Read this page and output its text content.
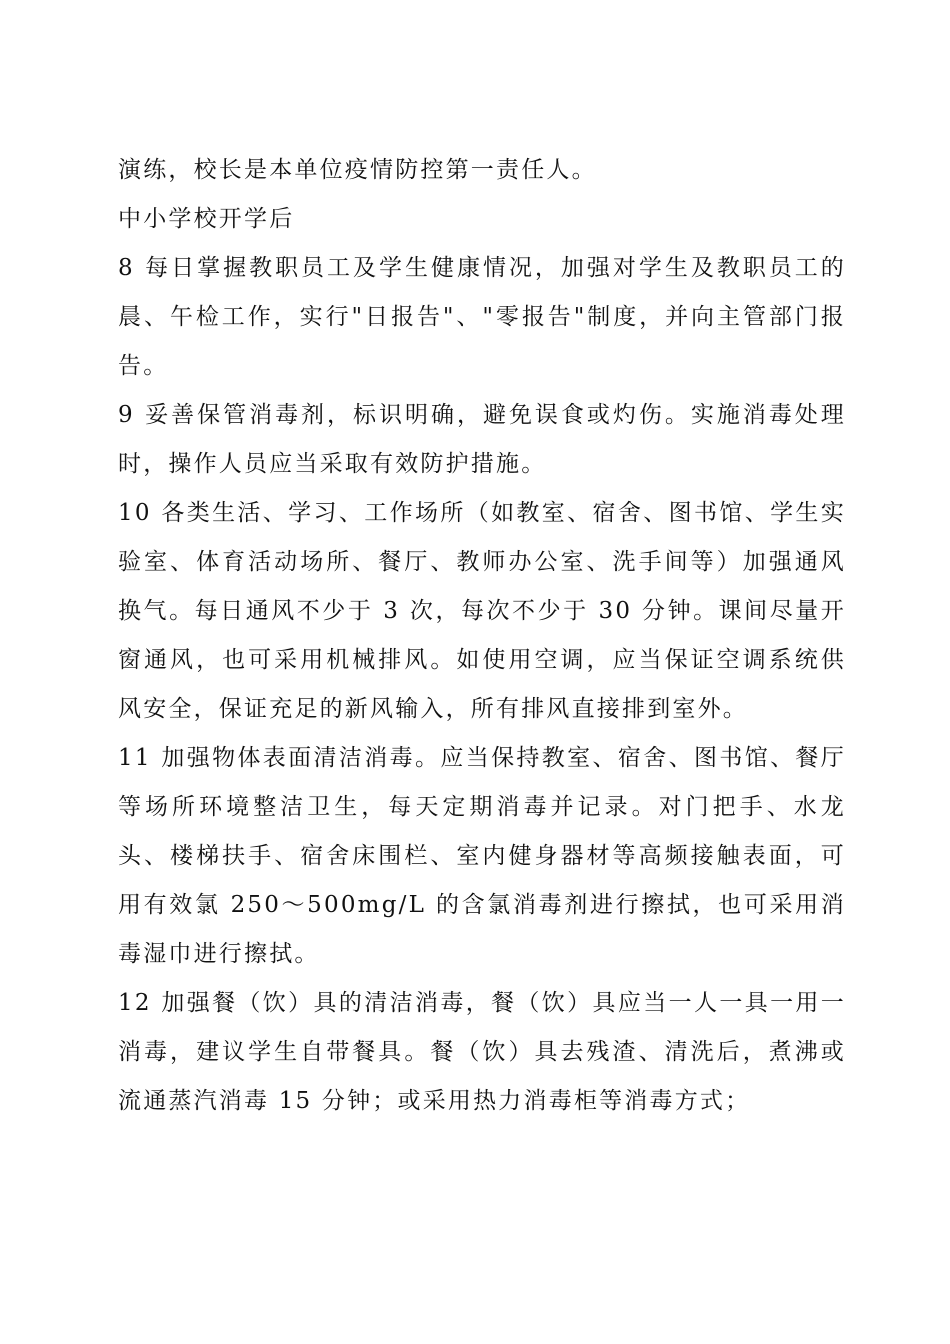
演练，校长是本单位疫情防控第一责任人。

中小学校开学后

8 每日掌握教职员工及学生健康情况，加强对学生及教职员工的晨、午检工作，实行"日报告"、"零报告"制度，并向主管部门报告。

9 妥善保管消毒剂，标识明确，避免误食或灼伤。实施消毒处理时，操作人员应当采取有效防护措施。

10 各类生活、学习、工作场所（如教室、宿舍、图书馆、学生实验室、体育活动场所、餐厅、教师办公室、洗手间等）加强通风换气。每日通风不少于 3 次，每次不少于 30 分钟。课间尽量开窗通风，也可采用机械排风。如使用空调，应当保证空调系统供风安全，保证充足的新风输入，所有排风直接排到室外。

11 加强物体表面清洁消毒。应当保持教室、宿舍、图书馆、餐厅等场所环境整洁卫生，每天定期消毒并记录。对门把手、水龙头、楼梯扶手、宿舍床围栏、室内健身器材等高频接触表面，可用有效氯 250～500mg/L 的含氯消毒剂进行擦拭，也可采用消毒湿巾进行擦拭。

12 加强餐（饮）具的清洁消毒，餐（饮）具应当一人一具一用一消毒，建议学生自带餐具。餐（饮）具去残渣、清洗后，煮沸或流通蒸汽消毒 15 分钟；或采用热力消毒柜等消毒方式；
